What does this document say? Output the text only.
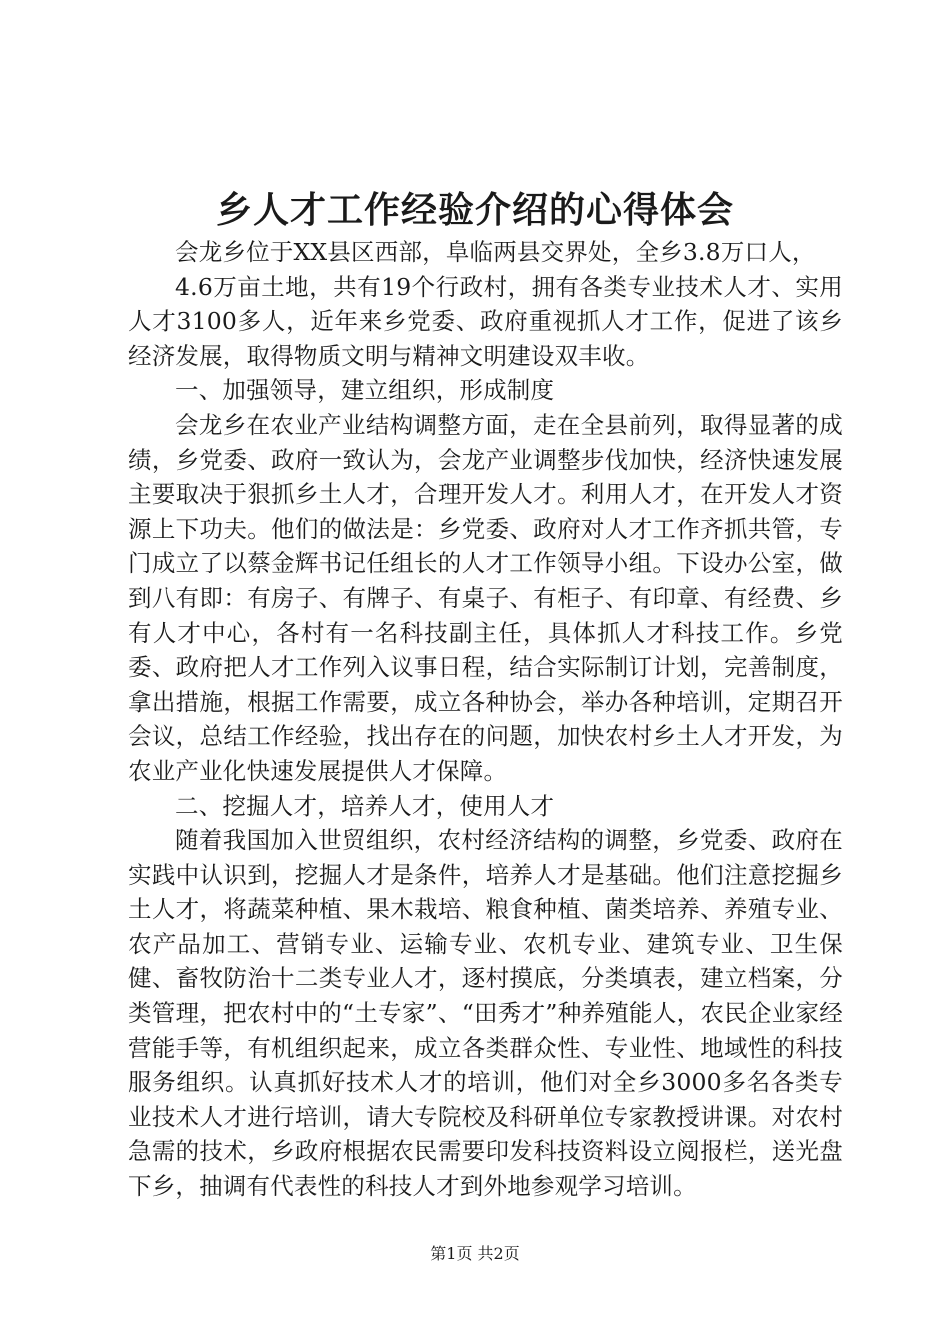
乡人才工作经验介绍的心得体会

会龙乡位于XX县区西部，阜临两县交界处，全乡3.8万口人，

4.6万亩土地，共有19个行政村，拥有各类专业技术人才、实用人才3100多人，近年来乡党委、政府重视抓人才工作，促进了该乡经济发展，取得物质文明与精神文明建设双丰收。

一、加强领导，建立组织，形成制度

会龙乡在农业产业结构调整方面，走在全县前列，取得显著的成绩，乡党委、政府一致认为，会龙产业调整步伐加快，经济快速发展主要取决于狠抓乡土人才，合理开发人才。利用人才，在开发人才资源上下功夫。他们的做法是：乡党委、政府对人才工作齐抓共管，专门成立了以蔡金辉书记任组长的人才工作领导小组。下设办公室，做到八有即：有房子、有牌子、有桌子、有柜子、有印章、有经费、乡有人才中心，各村有一名科技副主任，具体抓人才科技工作。乡党委、政府把人才工作列入议事日程，结合实际制订计划，完善制度，拿出措施，根据工作需要，成立各种协会，举办各种培训，定期召开会议，总结工作经验，找出存在的问题，加快农村乡土人才开发，为农业产业化快速发展提供人才保障。

二、挖掘人才，培养人才，使用人才

随着我国加入世贸组织，农村经济结构的调整，乡党委、政府在实践中认识到，挖掘人才是条件，培养人才是基础。他们注意挖掘乡土人才，将蔬菜种植、果木栽培、粮食种植、菌类培养、养殖专业、农产品加工、营销专业、运输专业、农机专业、建筑专业、卫生保健、畜牧防治十二类专业人才，逐村摸底，分类填表，建立档案，分类管理，把农村中的“土专家”、“田秀才”种养殖能人，农民企业家经营能手等，有机组织起来，成立各类群众性、专业性、地域性的科技服务组织。认真抓好技术人才的培训，他们对全乡3000多名各类专业技术人才进行培训，请大专院校及科研单位专家教授讲课。对农村急需的技术，乡政府根据农民需要印发科技资料设立阅报栏，送光盘下乡，抽调有代表性的科技人才到外地参观学习培训。

第1页 共2页
